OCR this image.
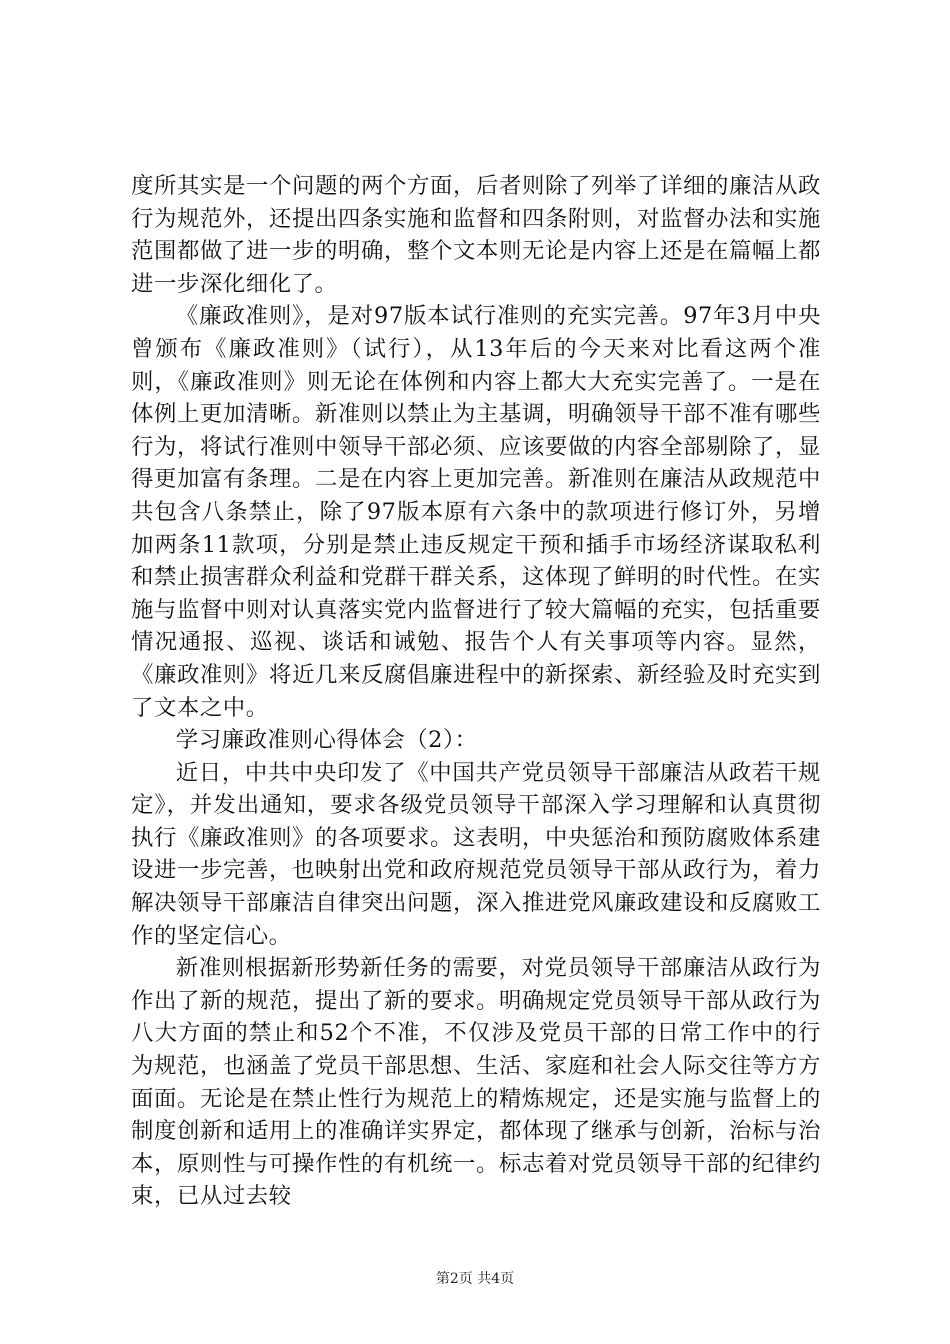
度所其实是一个问题的两个方面，后者则除了列举了详细的廉洁从政行为规范外，还提出四条实施和监督和四条附则，对监督办法和实施范围都做了进一步的明确，整个文本则无论是内容上还是在篇幅上都进一步深化细化了。

《廉政准则》，是对97版本试行准则的充实完善。97年3月中央曾颁布《廉政准则》（试行），从13年后的今天来对比看这两个准则，《廉政准则》则无论在体例和内容上都大大充实完善了。一是在体例上更加清晰。新准则以禁止为主基调，明确领导干部不准有哪些行为，将试行准则中领导干部必须、应该要做的内容全部剔除了，显得更加富有条理。二是在内容上更加完善。新准则在廉洁从政规范中共包含八条禁止，除了97版本原有六条中的款项进行修订外，另增加两条11款项，分别是禁止违反规定干预和插手市场经济谋取私利和禁止损害群众利益和党群干群关系，这体现了鲜明的时代性。在实施与监督中则对认真落实党内监督进行了较大篇幅的充实，包括重要情况通报、巡视、谈话和诫勉、报告个人有关事项等内容。显然，《廉政准则》将近几来反腐倡廉进程中的新探索、新经验及时充实到了文本之中。

学习廉政准则心得体会（2）：

近日，中共中央印发了《中国共产党员领导干部廉洁从政若干规定》，并发出通知，要求各级党员领导干部深入学习理解和认真贯彻执行《廉政准则》的各项要求。这表明，中央惩治和预防腐败体系建设进一步完善，也映射出党和政府规范党员领导干部从政行为，着力解决领导干部廉洁自律突出问题，深入推进党风廉政建设和反腐败工作的坚定信心。

新准则根据新形势新任务的需要，对党员领导干部廉洁从政行为作出了新的规范，提出了新的要求。明确规定党员领导干部从政行为八大方面的禁止和52个不准，不仅涉及党员干部的日常工作中的行为规范，也涵盖了党员干部思想、生活、家庭和社会人际交往等方方面面。无论是在禁止性行为规范上的精炼规定，还是实施与监督上的制度创新和适用上的准确详实界定，都体现了继承与创新，治标与治本，原则性与可操作性的有机统一。标志着对党员领导干部的纪律约束，已从过去较

第2页 共4页
